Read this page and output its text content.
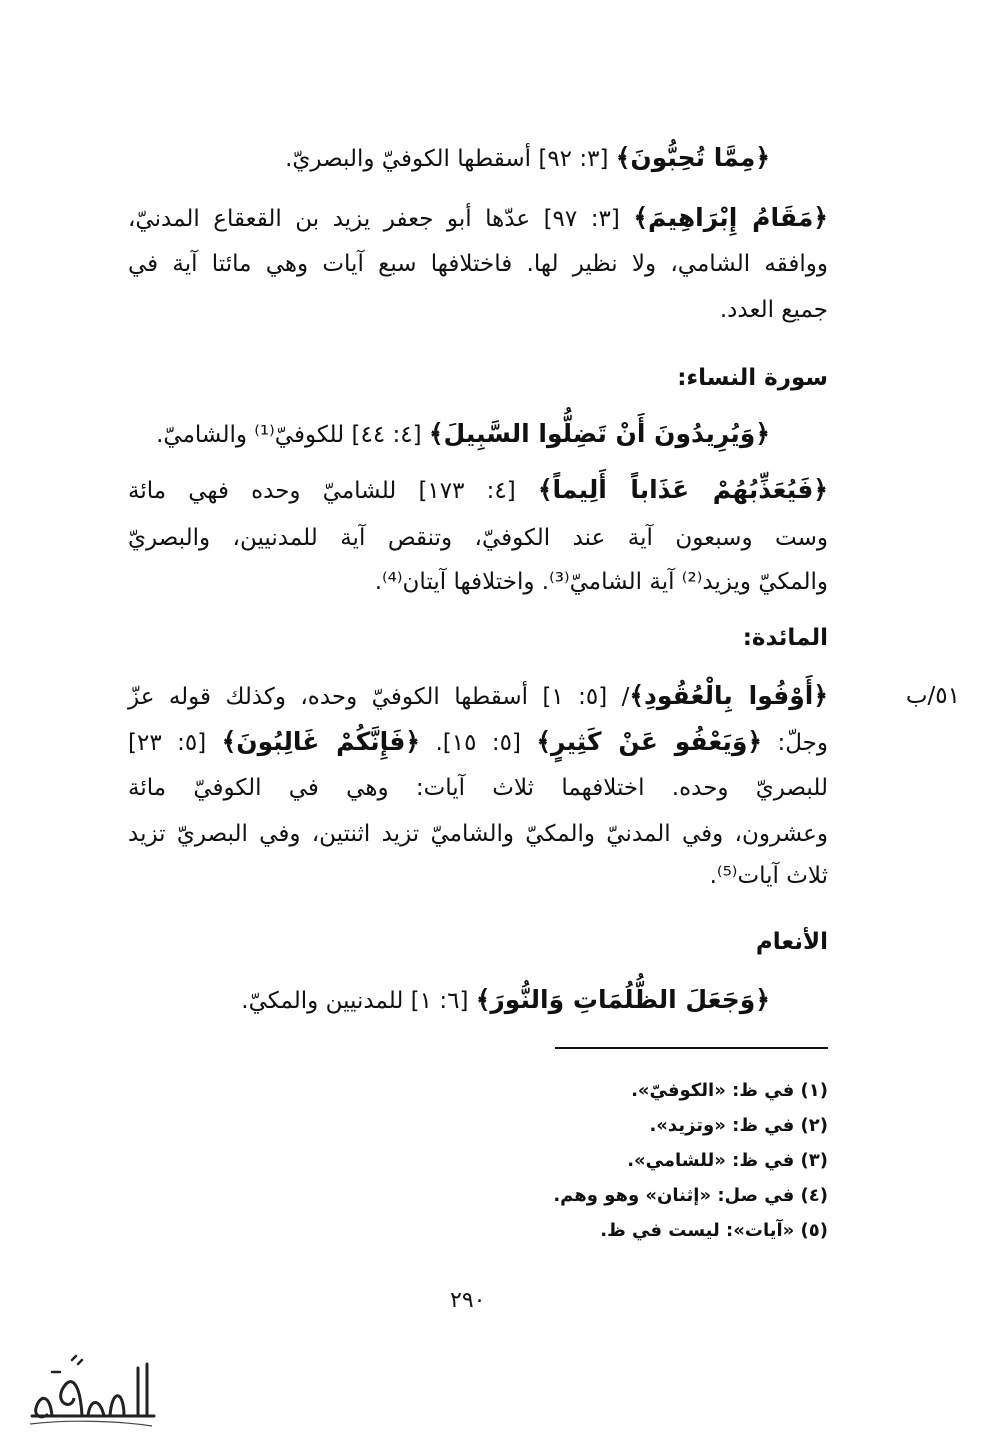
﴿مِمَّا تُحِبُّونَ﴾ [٣: ٩٢] أسقطها الكوفيّ والبصريّ.
﴿مَقَامُ إِبْرَاهِيمَ﴾ [٣: ٩٧] عدّها أبو جعفر يزيد بن القعقاع المدنيّ،
ووافقه الشامي، ولا نظير لها. فاختلافها سبع آيات وهي مائتا آية في
جميع العدد.
سورة النساء:
﴿وَيُرِيدُونَ أَنْ تَضِلُّوا السَّبِيلَ﴾ [٤: ٤٤] للكوفيّ⁽¹⁾ والشاميّ.
﴿فَيُعَذِّبُهُمْ عَذَاباً أَلِيماً﴾ [٤: ١٧٣] للشاميّ وحده فهي مائة
وست وسبعون آية عند الكوفيّ، وتنقص آية للمدنيين، والبصريّ
والمكيّ ويزيد⁽²⁾ آية الشاميّ⁽³⁾. واختلافها آيتان⁽⁴⁾.
المائدة:
٥١/ب
﴿أَوْفُوا بِالْعُقُودِ﴾/ [٥: ١] أسقطها الكوفيّ وحده، وكذلك قوله عزّ
وجلّ: ﴿وَيَعْفُو عَنْ كَثِيرٍ﴾ [٥: ١٥]. ﴿فَإِنَّكُمْ غَالِبُونَ﴾ [٥: ٢٣]
للبصريّ وحده. اختلافهما ثلاث آيات: وهي في الكوفيّ مائة
وعشرون، وفي المدنيّ والمكيّ والشاميّ تزيد اثنتين، وفي البصريّ تزيد
ثلاث آيات⁽⁵⁾.
الأنعام
﴿وَجَعَلَ الظُّلُمَاتِ وَالنُّورَ﴾ [٦: ١] للمدنيين والمكيّ.
(١) في ظ: «الكوفيّ».
(٢) في ظ: «وتزيد».
(٣) في ظ: «للشامي».
(٤) في صل: «إثنان» وهو وهم.
(٥) «آيات»: ليست في ظ.
٢٩٠
